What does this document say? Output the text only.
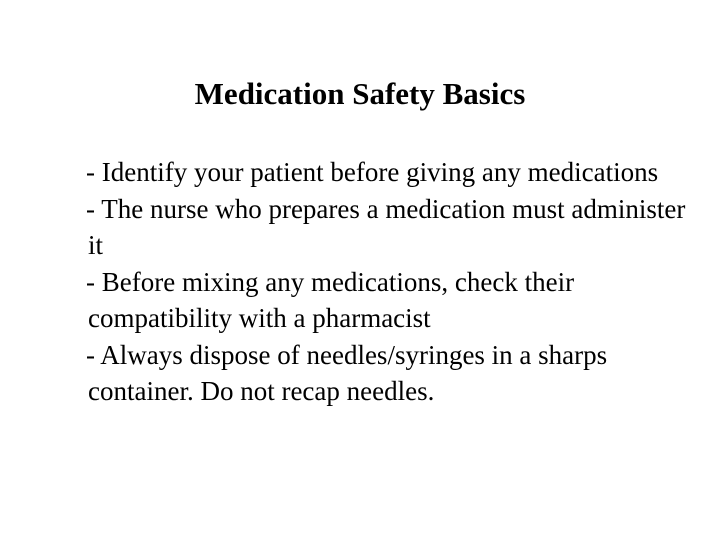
Medication Safety Basics
- Identify your patient before giving any medications
- The nurse who prepares a medication must administer it
- Before mixing any medications, check their compatibility with a pharmacist
- Always dispose of needles/syringes in a sharps container. Do not recap needles.
